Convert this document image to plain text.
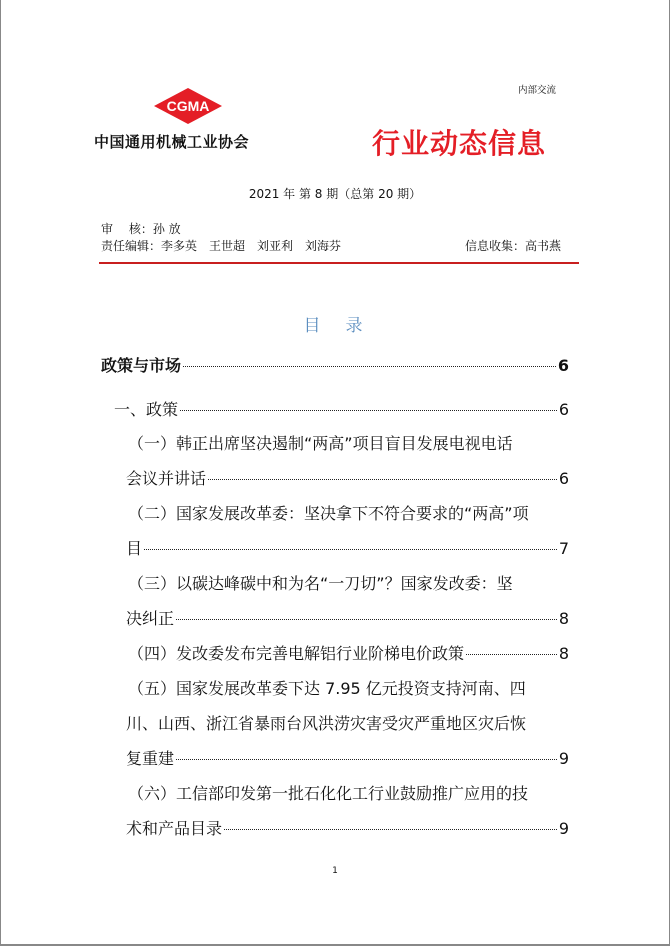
内部交流
CGMA
中国通用机械工业协会	行业动态信息
2021 年 第 8 期（总第 20 期）
审　 核：孙 放
责任编辑：李多英　王世超　刘亚利　刘海芬	信息收集：高书燕
目　录
政策与市场	6
一、政策	6
（一）韩正出席坚决遏制“两高”项目盲目发展电视电话
会议并讲话	6
（二）国家发展改革委：坚决拿下不符合要求的“两高”项
目	7
（三）以碳达峰碳中和为名“一刀切”？国家发改委：坚
决纠正	8
（四）发改委发布完善电解铝行业阶梯电价政策	8
（五）国家发展改革委下达 7.95 亿元投资支持河南、四
川、山西、浙江省暴雨台风洪涝灾害受灾严重地区灾后恢
复重建	9
（六）工信部印发第一批石化化工行业鼓励推广应用的技
术和产品目录	9
1
